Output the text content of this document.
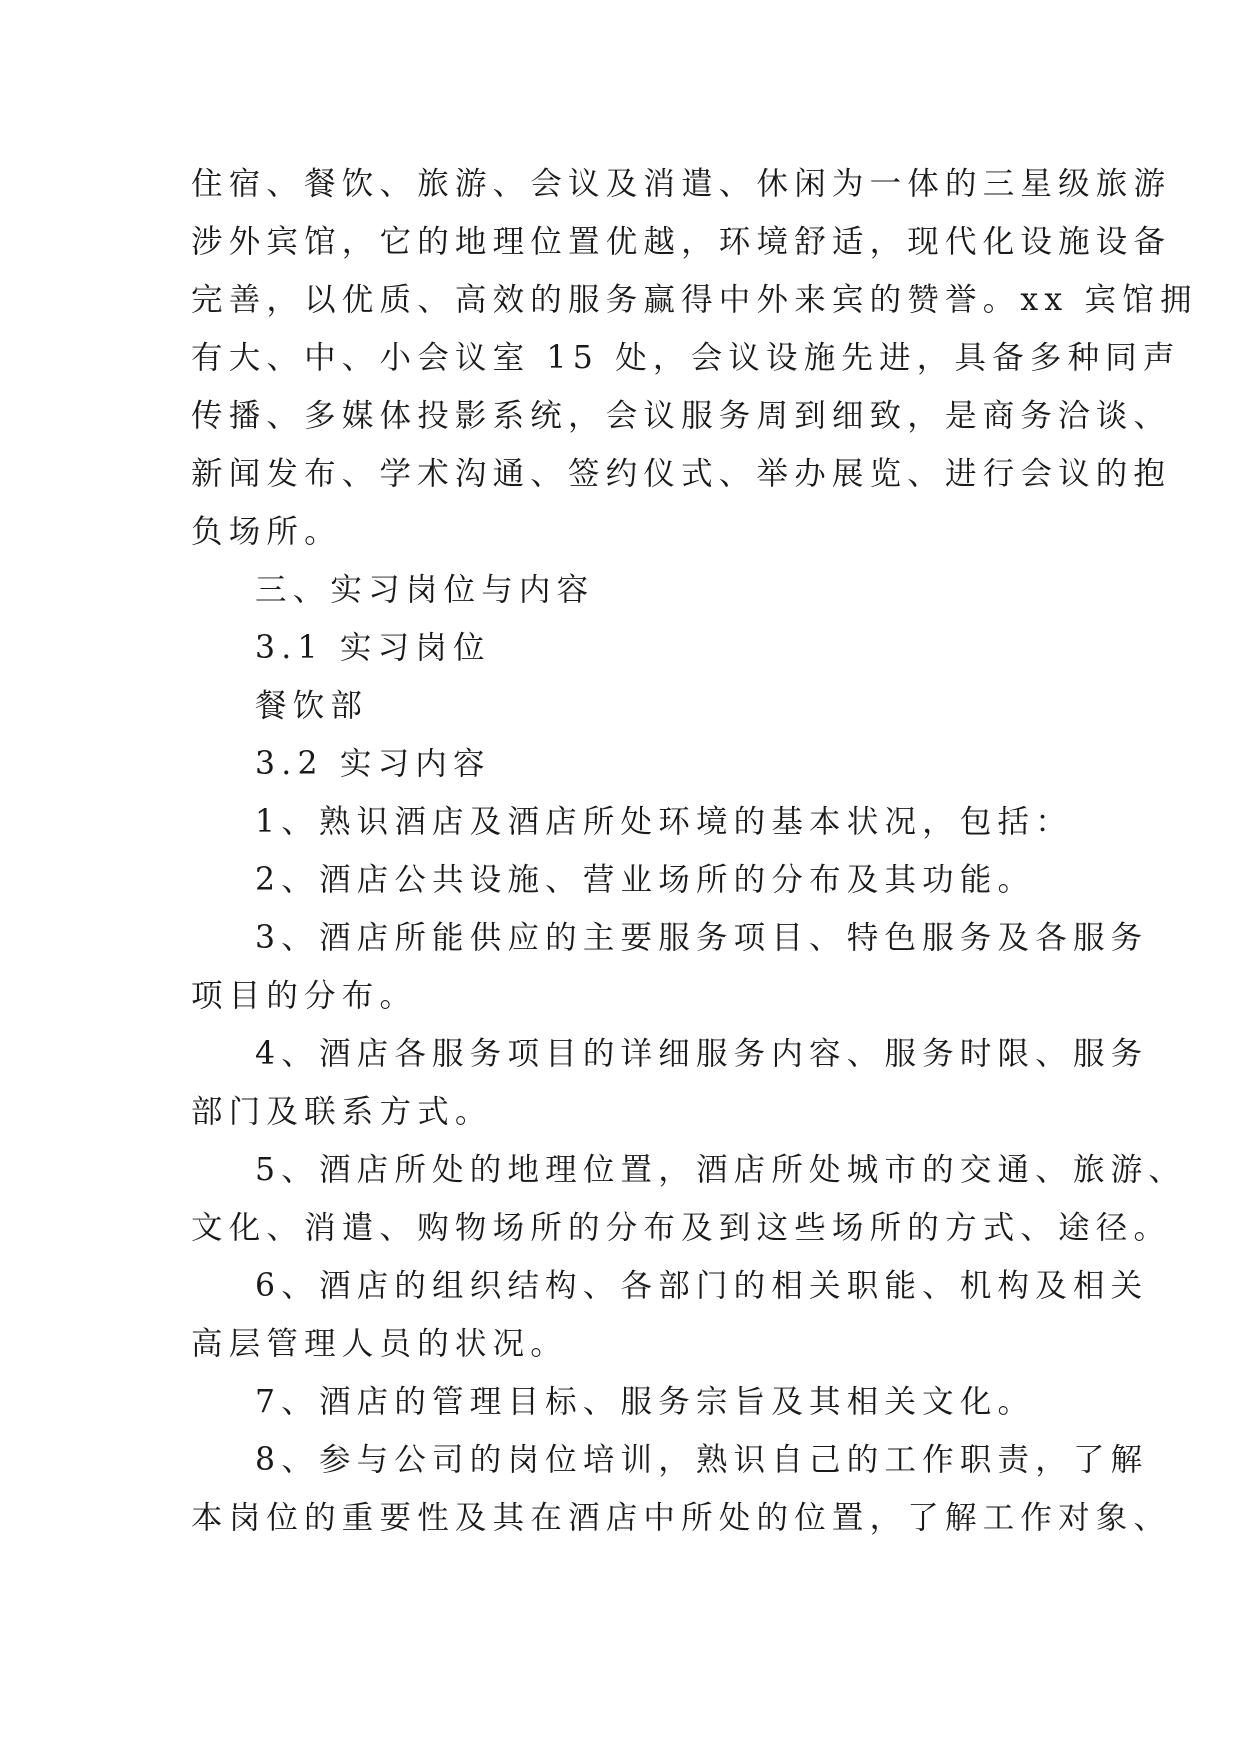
住宿、餐饮、旅游、会议及消遣、休闲为一体的三星级旅游
涉外宾馆，它的地理位置优越，环境舒适，现代化设施设备
完善，以优质、高效的服务赢得中外来宾的赞誉。xx 宾馆拥
有大、中、小会议室 15 处，会议设施先进，具备多种同声
传播、多媒体投影系统，会议服务周到细致，是商务洽谈、
新闻发布、学术沟通、签约仪式、举办展览、进行会议的抱
负场所。
三、实习岗位与内容
3.1 实习岗位
餐饮部
3.2 实习内容
1、熟识酒店及酒店所处环境的基本状况，包括：
2、酒店公共设施、营业场所的分布及其功能。
3、酒店所能供应的主要服务项目、特色服务及各服务
项目的分布。
4、酒店各服务项目的详细服务内容、服务时限、服务
部门及联系方式。
5、酒店所处的地理位置，酒店所处城市的交通、旅游、
文化、消遣、购物场所的分布及到这些场所的方式、途径。
6、酒店的组织结构、各部门的相关职能、机构及相关
高层管理人员的状况。
7、酒店的管理目标、服务宗旨及其相关文化。
8、参与公司的岗位培训，熟识自己的工作职责，了解
本岗位的重要性及其在酒店中所处的位置，了解工作对象、
